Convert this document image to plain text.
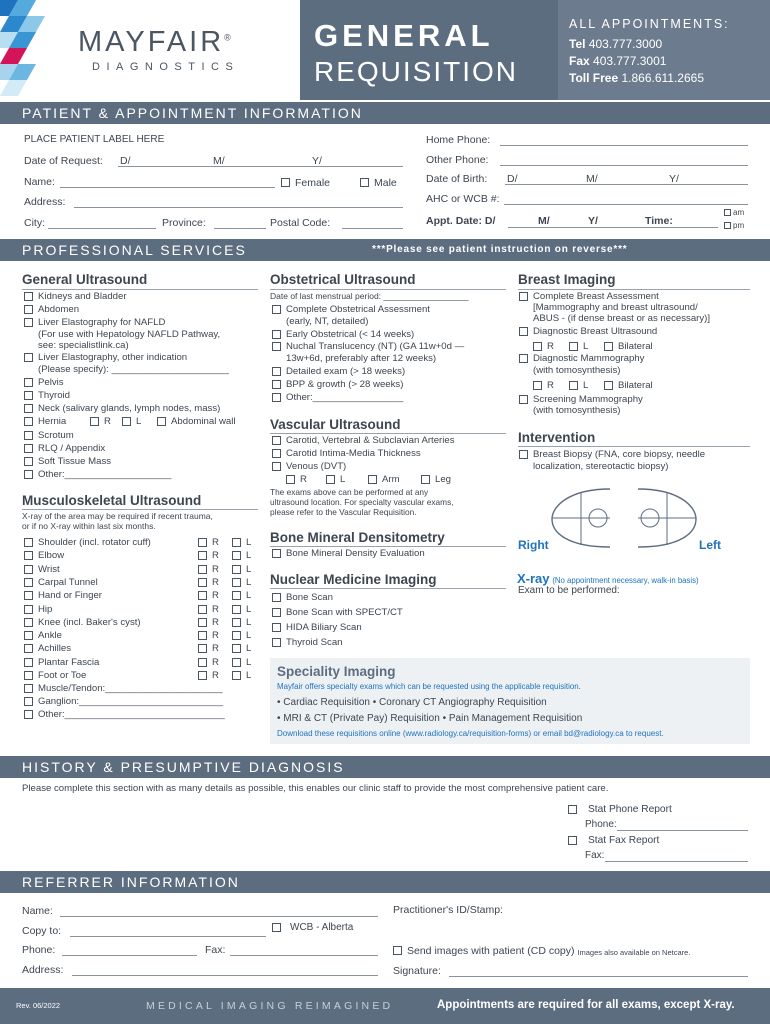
MAYFAIR®
DIAGNOSTICS
GENERAL
REQUISITION
ALL APPOINTMENTS:
Tel 403.777.3000
Fax 403.777.3001
Toll Free 1.866.611.2665
PATIENT & APPOINTMENT INFORMATION
PLACE PATIENT LABEL HERE
Date of Request: D/	M/	Y/
Name:	Female	Male
Address:
City:	Province:	Postal Code:
Home Phone:
Other Phone:
Date of Birth: D/	M/	Y/
AHC or WCB #:
Appt. Date: D/	M/	Y/	Time:
am
pm
PROFESSIONAL SERVICES	***Please see patient instruction on reverse***
General Ultrasound
Kidneys and Bladder
Abdomen
Liver Elastography for NAFLD
(For use with Hepatology NAFLD Pathway,
see: specialistlink.ca)
Liver Elastography, other indication
(Please specify): ______________________
Pelvis
Thyroid
Neck (salivary glands, lymph nodes, mass)
Hernia	R	L	Abdominal wall
Scrotum
RLQ / Appendix
Soft Tissue Mass
Other:____________________
Musculoskeletal Ultrasound
X-ray of the area may be required if recent trauma,
or if no X-ray within last six months.
Shoulder (incl. rotator cuff)	R	L
Elbow	R	L
Wrist	R	L
Carpal Tunnel	R	L
Hand or Finger	R	L
Hip	R	L
Knee (incl. Baker's cyst)	R	L
Ankle	R	L
Achilles	R	L
Plantar Fascia	R	L
Foot or Toe	R	L
Muscle/Tendon:______________________
Ganglion:___________________________
Other:______________________________
Obstetrical Ultrasound
Date of last menstrual period: __________________
Complete Obstetrical Assessment
(early, NT, detailed)
Early Obstetrical (< 14 weeks)
Nuchal Translucency (NT) (GA 11w+0d —
13w+6d, preferably after 12 weeks)
Detailed exam (> 18 weeks)
BPP & growth (> 28 weeks)
Other:_________________
Vascular Ultrasound
Carotid, Vertebral & Subclavian Arteries
Carotid Intima-Media Thickness
Venous (DVT)
R	L	Arm	Leg
The exams above can be performed at any
ultrasound location. For specialty vascular exams,
please refer to the Vascular Requisition.
Bone Mineral Densitometry
Bone Mineral Density Evaluation
Nuclear Medicine Imaging
Bone Scan
Bone Scan with SPECT/CT
HIDA Biliary Scan
Thyroid Scan
Breast Imaging
Complete Breast Assessment
[Mammography and breast ultrasound/
ABUS - (if dense breast or as necessary)]
Diagnostic Breast Ultrasound
R	L	Bilateral
Diagnostic Mammography
(with tomosynthesis)
R	L	Bilateral
Screening Mammography
(with tomosynthesis)
Intervention
Breast Biopsy (FNA, core biopsy, needle
localization, stereotactic biopsy)
Right	Left
X-ray (No appointment necessary, walk-in basis)
Exam to be performed:
Speciality Imaging
Mayfair offers specialty exams which can be requested using the applicable requisition.
• Cardiac Requisition • Coronary CT Angiography Requisition
• MRI & CT (Private Pay) Requisition • Pain Management Requisition
Download these requisitions online (www.radiology.ca/requisition-forms) or email bd@radiology.ca to request.
HISTORY & PRESUMPTIVE DIAGNOSIS
Please complete this section with as many details as possible, this enables our clinic staff to provide the most comprehensive patient care.
Stat Phone Report
Phone:
Stat Fax Report
Fax:
REFERRER INFORMATION
Name:	Practitioner's ID/Stamp:
Copy to:	WCB - Alberta
Phone:	Fax:	Send images with patient (CD copy)
Images also available on Netcare.
Address:	Signature:
Rev. 06/2022	MEDICAL IMAGING REIMAGINED	Appointments are required for all exams, except X-ray.
